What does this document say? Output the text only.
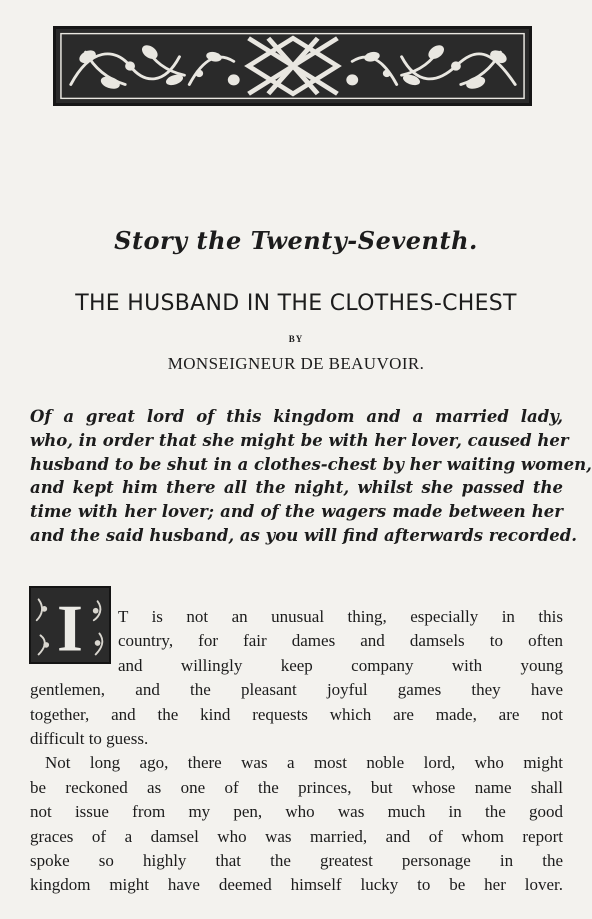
Story the Twenty-Seventh.
THE HUSBAND IN THE CLOTHES-CHEST
BY
MONSEIGNEUR DE BEAUVOIR.
Of a great lord of this kingdom and a married lady,
who, in order that she might be with her lover, caused her
husband to be shut in a clothes-chest by her waiting women,
and kept him there all the night, whilst she passed the
time with her lover; and of the wagers made between her
and the said husband, as you will find afterwards recorded.
I	T is not an unusual thing, especially in this
country, for fair dames and damsels to often
and willingly keep company with young
gentlemen, and the pleasant joyful games they have
together, and the kind requests which are made, are not
difficult to guess.
Not long ago, there was a most noble lord, who might
be reckoned as one of the princes, but whose name shall
not issue from my pen, who was much in the good
graces of a damsel who was married, and of whom report
spoke so highly that the greatest personage in the
kingdom might have deemed himself lucky to be her lover.
